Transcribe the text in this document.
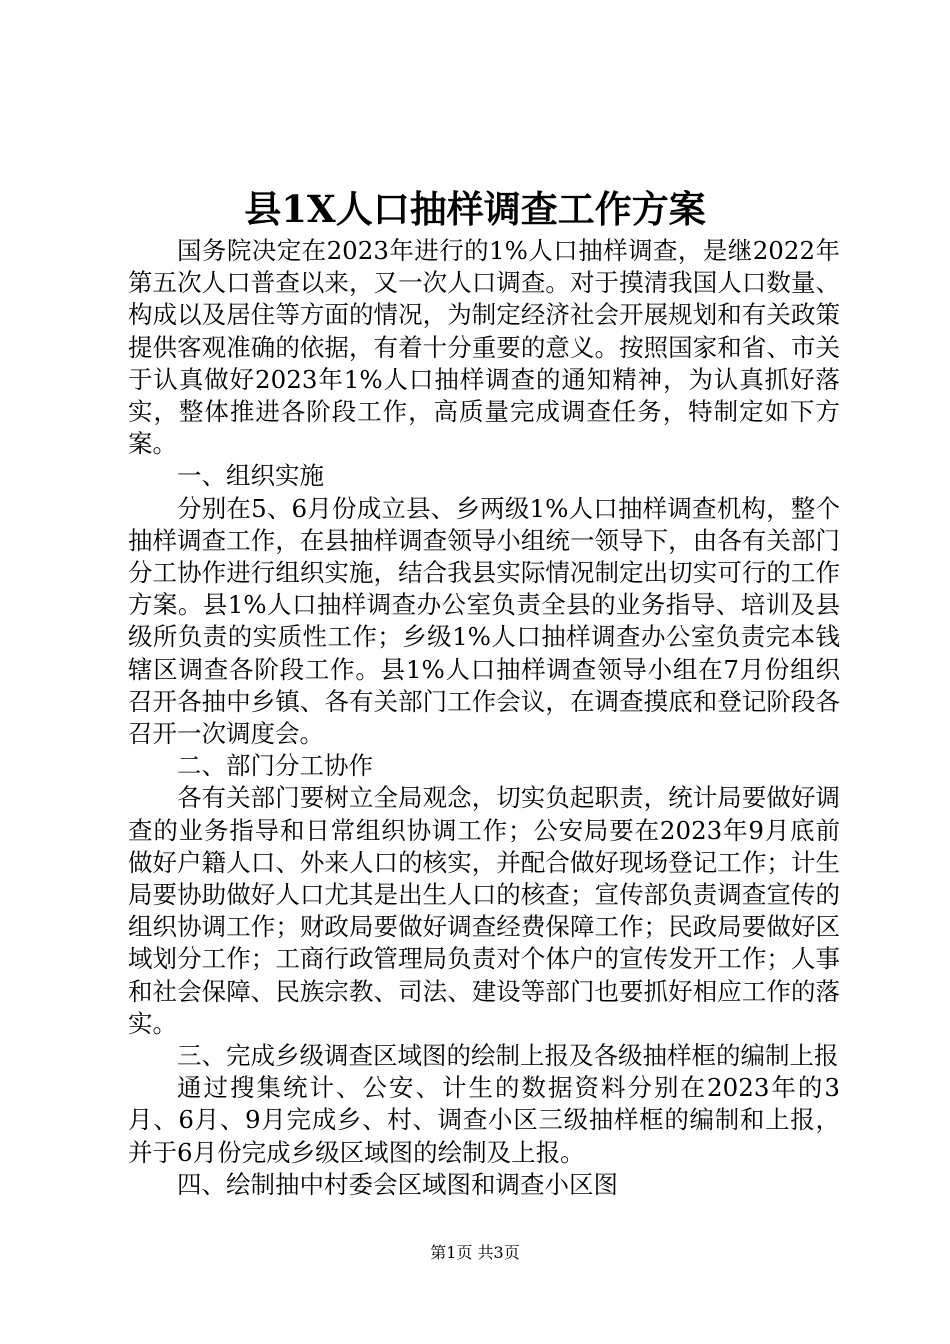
县1X人口抽样调查工作方案

国务院决定在2023年进行的1%人口抽样调查，是继2022年第五次人口普查以来，又一次人口调查。对于摸清我国人口数量、构成以及居住等方面的情况，为制定经济社会开展规划和有关政策提供客观准确的依据，有着十分重要的意义。按照国家和省、市关于认真做好2023年1%人口抽样调查的通知精神，为认真抓好落实，整体推进各阶段工作，高质量完成调查任务，特制定如下方案。

一、组织实施

分别在5、6月份成立县、乡两级1%人口抽样调查机构，整个抽样调查工作，在县抽样调查领导小组统一领导下，由各有关部门分工协作进行组织实施，结合我县实际情况制定出切实可行的工作方案。县1%人口抽样调查办公室负责全县的业务指导、培训及县级所负责的实质性工作；乡级1%人口抽样调查办公室负责完本钱辖区调查各阶段工作。县1%人口抽样调查领导小组在7月份组织召开各抽中乡镇、各有关部门工作会议，在调查摸底和登记阶段各召开一次调度会。

二、部门分工协作

各有关部门要树立全局观念，切实负起职责，统计局要做好调查的业务指导和日常组织协调工作；公安局要在2023年9月底前做好户籍人口、外来人口的核实，并配合做好现场登记工作；计生局要协助做好人口尤其是出生人口的核查；宣传部负责调查宣传的组织协调工作；财政局要做好调查经费保障工作；民政局要做好区域划分工作；工商行政管理局负责对个体户的宣传发开工作；人事和社会保障、民族宗教、司法、建设等部门也要抓好相应工作的落实。

三、完成乡级调查区域图的绘制上报及各级抽样框的编制上报

通过搜集统计、公安、计生的数据资料分别在2023年的3月、6月、9月完成乡、村、调查小区三级抽样框的编制和上报，并于6月份完成乡级区域图的绘制及上报。

四、绘制抽中村委会区域图和调查小区图

第1页 共3页
